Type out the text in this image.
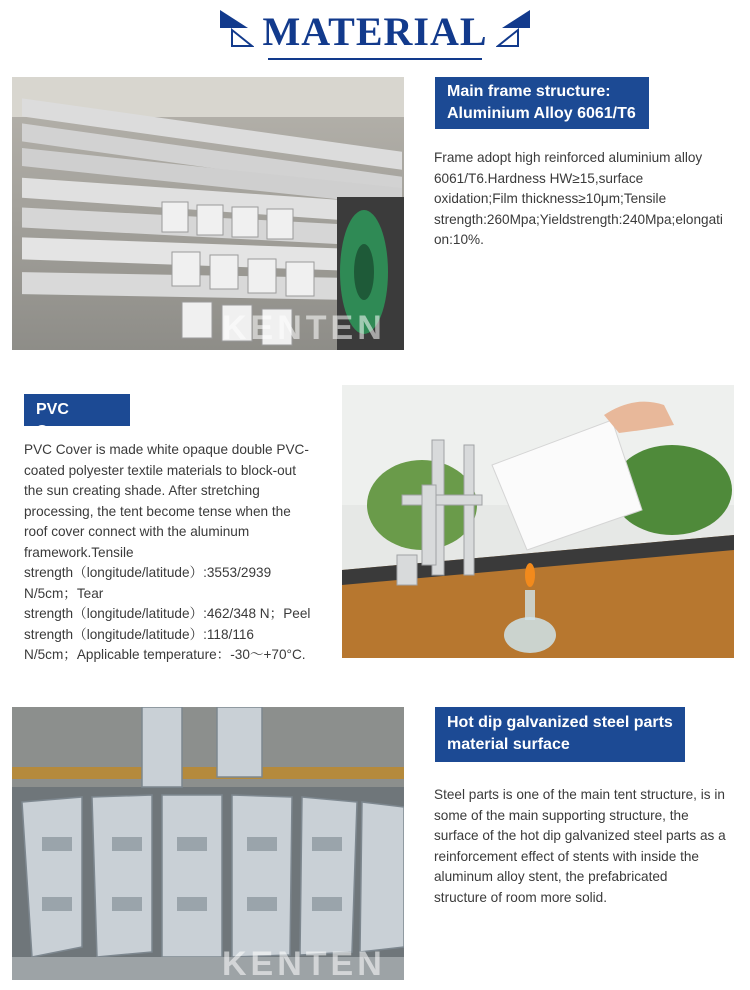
MATERIAL
KENTEN
Main frame structure:
Aluminium Alloy 6061/T6
Frame adopt high reinforced aluminium alloy
6061/T6.Hardness HW≥15,surface
oxidation;Film thickness≥10μm;Tensile
strength:260Mpa;Yieldstrength:240Mpa;elongati
on:10%.
PVC Cover
PVC Cover is made white opaque double PVC-
coated polyester textile materials to block-out
the sun creating shade. After stretching
processing, the tent become tense when the
roof cover connect with the aluminum
framework.Tensile
strength（longitude/latitude）:3553/2939
N/5cm；Tear
strength（longitude/latitude）:462/348 N；Peel
strength（longitude/latitude）:118/116
N/5cm；Applicable temperature：-30～+70°C.
KENTEN
Hot dip galvanized steel parts
material surface
Steel parts is one of the main tent structure, is in
some of the main supporting structure, the
surface of the hot dip galvanized steel parts as a
reinforcement effect of stents with inside the
aluminum alloy stent, the prefabricated
structure of room more solid.
